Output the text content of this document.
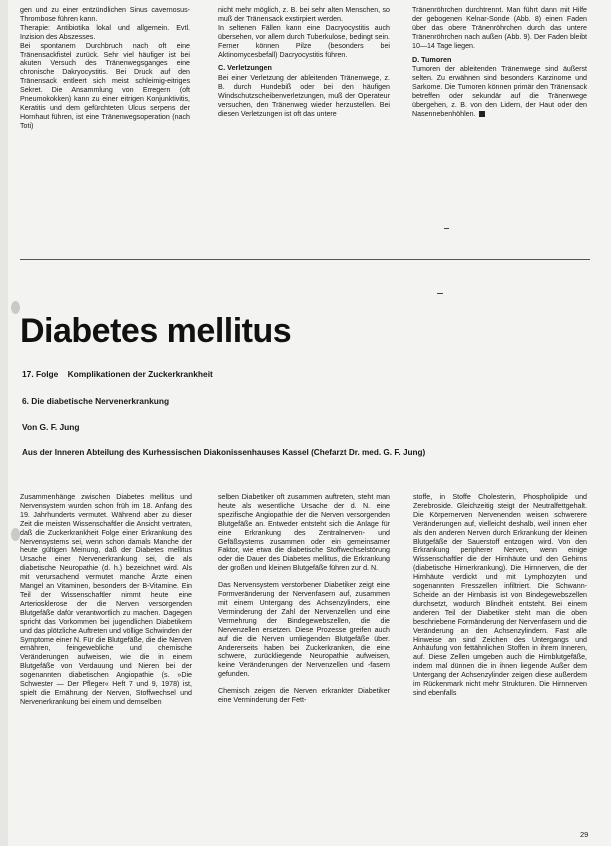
gen und zu einer entzündlichen Sinus cavernosus-Thrombose führen kann.

Therapie: Antibiotika lokal und allgemein. Evtl. Inzision des Abszesses.

Bei spontanem Durchbruch nach oft eine Tränensackfistel zurück. Sehr viel häufiger ist bei akuten Versuch des Tränenwegsganges eine chronische Dakryocystitis. Bei Druck auf den Tränensack entleert sich meist schleimig-eitriges Sekret. Die Ansammlung von Erregern (oft Pneumokokken) kann zu einer eitrigen Konjunktivitis, Keratitis und dem gefürchteten Ulcus serpens der Hornhaut führen, ist eine Tränenwegsoperation (nach Toti)

nicht mehr möglich, z. B. bei sehr alten Menschen, so muß der Tränensack exstirpiert werden.

In seltenen Fällen kann eine Dacryocystitis auch übersehen, vor allem durch Tuberkulose, bedingt sein. Ferner können Pilze (besonders bei Aktinomycesbefall) Dacryocystitis führen.

C. Verletzungen

Bei einer Verletzung der ableitenden Tränenwege, z. B. durch Hundebiß oder bei den häufigen Windschutzscheibenverletzungen, muß der Operateur versuchen, den Tränenweg wieder herzustellen. Bei diesen Verletzungen ist oft das untere

Tränenröhrchen durchtrennt. Man führt dann mit Hilfe der gebogenen Kelnar-Sonde (Abb. 8) einen Faden über das obere Tränenröhrchen durch das untere Tränenröhrchen nach außen (Abb. 9). Der Faden bleibt 10—14 Tage liegen.

D. Tumoren

Tumoren der ableitenden Tränenwege sind äußerst selten. Zu erwähnen sind besonders Karzinome und Sarkome. Die Tumoren können primär den Tränensack betreffen oder sekundär auf die Tränenwege übergehen, z. B. von den Lidern, der Haut oder den Nasennebenhöhlen.

Diabetes mellitus

17. Folge    Komplikationen der Zuckerkrankheit

6. Die diabetische Nervenerkrankung

Von G. F. Jung

Aus der Inneren Abteilung des Kurhessischen Diakonissenhauses Kassel (Chefarzt Dr. med. G. F. Jung)

Zusammenhänge zwischen Diabetes mellitus und Nervensystem wurden schon früh im 18. Anfang des 19. Jahrhunderts vermutet. Während aber zu dieser Zeit die meisten Wissenschaftler die Ansicht vertraten, daß die Zuckerkrankheit Folge einer Erkrankung des Nervensystems sei, wenn schon damals Manche der heute gültigen Meinung, daß der Diabetes mellitus Ursache einer Nervenerkrankung sei, die als diabetische Neuropathie (d. h.) bezeichnet wird. Als mit verursachend vermutet manche Ärzte einen Mangel an Vitaminen, besonders der B-Vitamine. Ein Teil der Wissenschaftler nimmt heute eine Arteriosklerose der die Nerven versorgenden Blutgefäße dafür verantwortlich zu machen. Dagegen spricht das Vorkommen bei jugendlichen Diabetikern und das plötzliche Auftreten und völlige Schwinden der Symptome einer N. Für die Blutgefäße, die die Nerven ernähren, feingewebliche und chemische Veränderungen aufweisen, wie die in einem Blutgefäße von Verdauung und Nieren bei der sogenannten diabetischen Angiopathie (s. »Die Schwester — Der Pfleger« Heft 7 und 9, 1978) ist, spielt die Ernährung der Nerven, Stoffwechsel und Nervenerkrankung bei einem und demselben

selben Diabetiker oft zusammen auftreten, steht man heute als wesentliche Ursache der d. N. eine spezifische Angiopathie der die Nerven versorgenden Blutgefäße an. Entweder entsteht sich die Anlage für eine Erkrankung des Zentralnerven- und Gefäßsystems zusammen oder ein gemeinsamer Faktor, wie etwa die diabetische Stoffwechselstörung oder die Dauer des Diabetes mellitus, die Erkrankung der großen und kleinen Blutgefäße führen zur d. N.

Das Nervensystem verstorbener Diabetiker zeigt eine Formveränderung der Nervenfasern auf, zusammen mit einem Untergang des Achsenzylinders, eine Verminderung der Zahl der Nervenzellen und eine Vermehrung der Bindegewebszellen, die die Nervenzellen ersetzen. Diese Prozesse greifen auch auf die die Nerven umliegenden Blutgefäße über. Andererseits haben bei Zuckerkranken, die eine schwere, zurückliegende Neuropathie aufweisen, keine Veränderungen der Nervenzellen und -fasern gefunden.

Chemisch zeigen die Nerven erkrankter Diabetiker eine Verminderung der Fett-

stoffe, in Stoffe Cholesterin, Phospholipide und Zerebroside. Gleichzeitig steigt der Neutralfettgehalt. Die Körpernerven Nervenenden weisen schwerere Veränderungen auf, vielleicht deshalb, weil innen eher als den anderen Nerven durch Erkrankung der kleinen Blutgefäße der Sauerstoff entzogen wird. Von den Erkrankung peripherer Nerven, wenn einige Wissenschaftler die der Hirnhäute und den Gehirns (diabetische Hirnerkrankung). Die Hirnnerven, die der Hirnhäute verdickt und mit Lymphozyten und sogenannten Fresszellen infiltriert. Die Schwann-Scheide an der Hirnbasis ist von Bindegewebszellen durchsetzt, wodurch Blindheit entsteht. Bei einem anderen Teil der Diabetiker steht man die oben beschriebene Formänderung der Nervenfasern und die Veränderung an den Achsenzylindern. Fast alle Hinweise an sind Zeichen des Untergangs und Anhäufung von fettähnlichen Stoffen in ihrem Inneren, auf. Diese Zellen umgeben auch die Hirnblutgefäße, indem mal dünnen die in ihnen liegende Außer dem Untergang der Achsenzylinder zeigen diese außerdem im Rückenmark nicht mehr Strukturen. Die Hirnnerven sind ebenfalls

29
